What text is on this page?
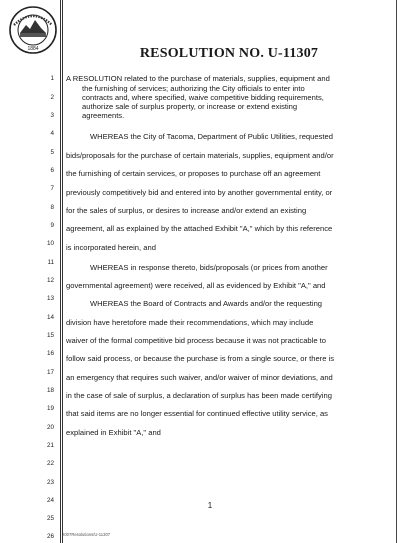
1884	RESOLUTION NO. U-11307
1
2
3
4
5
6
7
8
9
10
11
12
13
14
15
16
17
18
19
20
21
22
23
24
25
26
A RESOLUTION related to the purchase of materials, supplies, equipment and
the furnishing of services; authorizing the City officials to enter into
contracts and, where specified, waive competitive bidding requirements,
authorize sale of surplus property, or increase or extend existing
agreements.
WHEREAS the City of Tacoma, Department of Public Utilities, requested
bids/proposals for the purchase of certain materials, supplies, equipment and/or
the furnishing of certain services, or proposes to purchase off an agreement
previously competitively bid and entered into by another governmental entity, or
for the sales of surplus, or desires to increase and/or extend an existing
agreement, all as explained by the attached Exhibit "A," which by this reference
is incorporated herein, and
WHEREAS in response thereto, bids/proposals (or prices from another
governmental agreement) were received, all as evidenced by Exhibit "A," and
WHEREAS the Board of Contracts and Awards and/or the requesting
division have heretofore made their recommendations, which may include
waiver of the formal competitive bid process because it was not practicable to
follow said process, or because the purchase is from a single source, or there is
an emergency that requires such waiver, and/or waiver of minor deviations, and
in the case of sale of surplus, a declaration of surplus has been made certifying
that said items are no longer essential for continued effective utility service, as
explained in Exhibit "A," and
1
2007Resolutions/U-11307
